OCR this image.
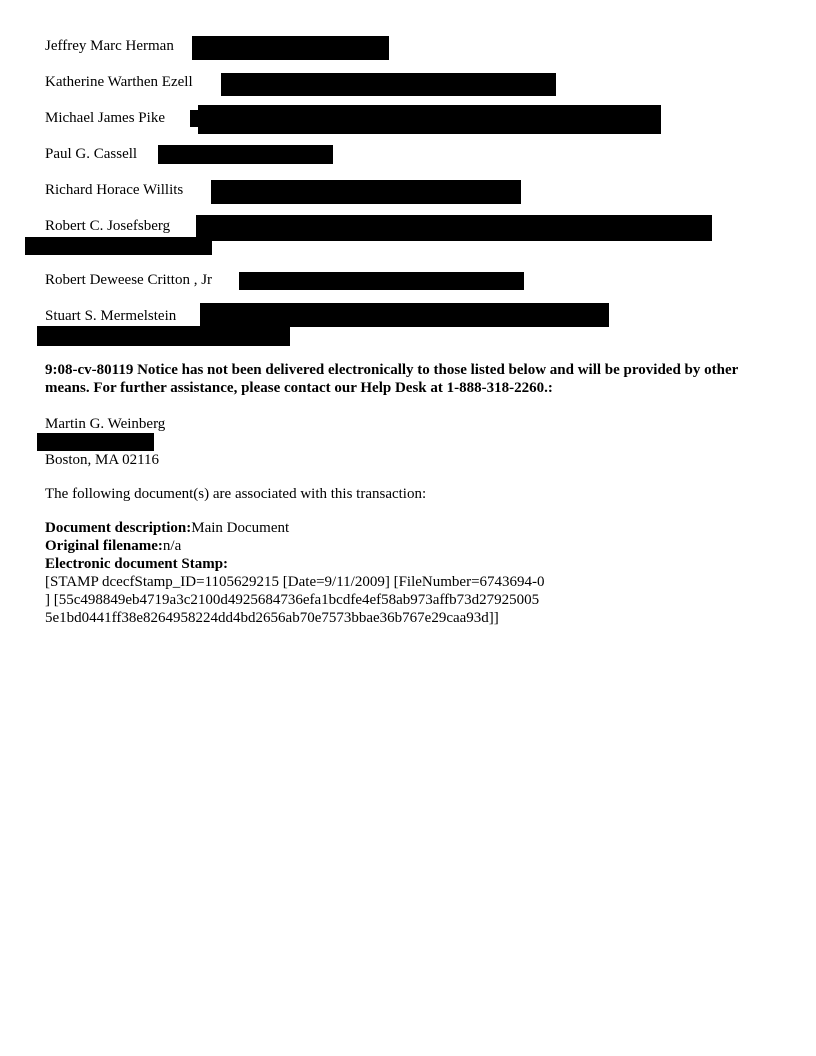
Jeffrey Marc Herman
Katherine Warthen Ezell
Michael James Pike
Paul G. Cassell
Richard Horace Willits
Robert C. Josefsberg
Robert Deweese Critton , Jr
Stuart S. Mermelstein
9:08-cv-80119 Notice has not been delivered electronically to those listed below and will be provided by other means. For further assistance, please contact our Help Desk at 1-888-318-2260.:
Martin G. Weinberg
Boston, MA 02116
The following document(s) are associated with this transaction:
Document description:Main Document
Original filename:n/a
Electronic document Stamp:
[STAMP dcecfStamp_ID=1105629215 [Date=9/11/2009] [FileNumber=6743694-0
] [55c498849eb4719a3c2100d4925684736efa1bcdfe4ef58ab973affb73d27925005
5e1bd0441ff38e8264958224dd4bd2656ab70e7573bbae36b767e29caa93d]]
